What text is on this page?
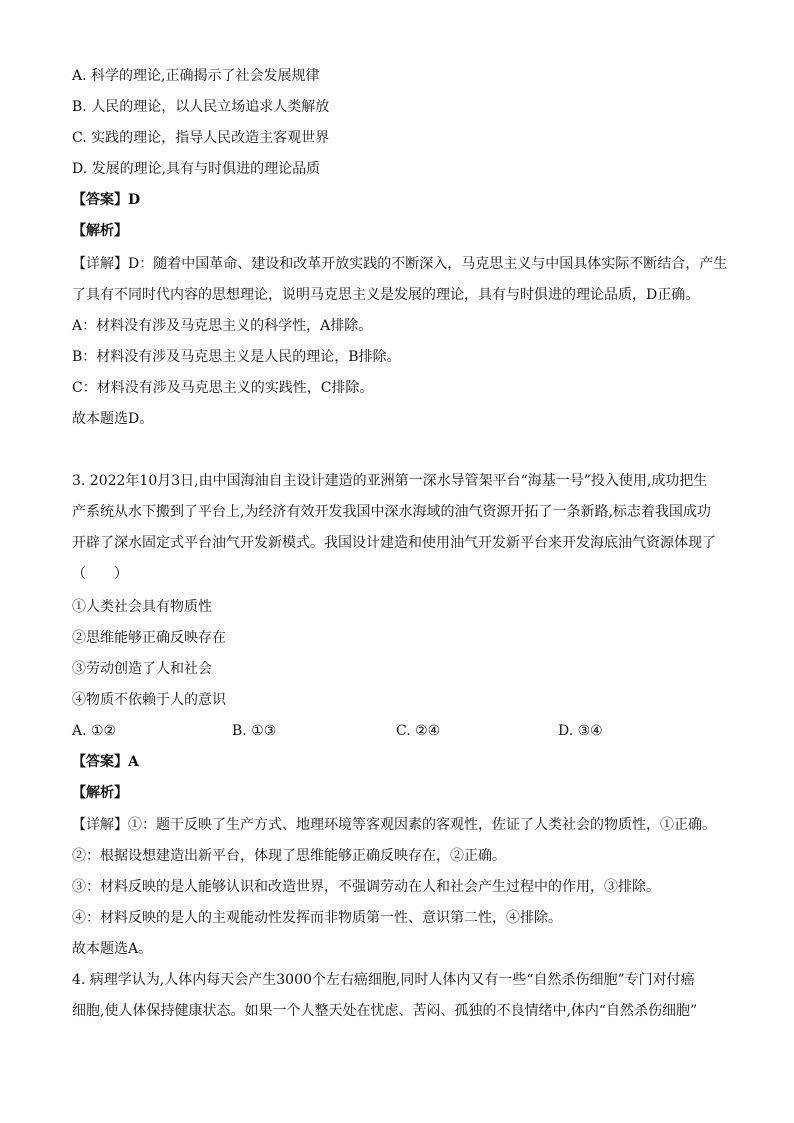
A. 科学的理论,正确揭示了社会发展规律
B. 人民的理论，以人民立场追求人类解放
C. 实践的理论，指导人民改造主客观世界
D. 发展的理论,具有与时俱进的理论品质
【答案】D
【解析】
【详解】D：随着中国革命、建设和改革开放实践的不断深入，马克思主义与中国具体实际不断结合，产生
了具有不同时代内容的思想理论，说明马克思主义是发展的理论，具有与时俱进的理论品质，D正确。
A：材料没有涉及马克思主义的科学性，A排除。
B：材料没有涉及马克思主义是人民的理论，B排除。
C：材料没有涉及马克思主义的实践性，C排除。
故本题选D。
3. 2022年10月3日,由中国海油自主设计建造的亚洲第一深水导管架平台“海基一号”投入使用,成功把生
产系统从水下搬到了平台上,为经济有效开发我国中深水海域的油气资源开拓了一条新路,标志着我国成功
开辟了深水固定式平台油气开发新模式。我国设计建造和使用油气开发新平台来开发海底油气资源体现了
（　　）
①人类社会具有物质性
②思维能够正确反映存在
③劳动创造了人和社会
④物质不依赖于人的意识
A. ①②	B. ①③	C. ②④	D. ③④
【答案】A
【解析】
【详解】①：题干反映了生产方式、地理环境等客观因素的客观性，佐证了人类社会的物质性，①正确。
②：根据设想建造出新平台，体现了思维能够正确反映存在，②正确。
③：材料反映的是人能够认识和改造世界，不强调劳动在人和社会产生过程中的作用，③排除。
④：材料反映的是人的主观能动性发挥而非物质第一性、意识第二性，④排除。
故本题选A。
4. 病理学认为,人体内每天会产生3000个左右癌细胞,同时人体内又有一些“自然杀伤细胞”专门对付癌
细胞,使人体保持健康状态。如果一个人整天处在忧虑、苦闷、孤独的不良情绪中,体内“自然杀伤细胞”
